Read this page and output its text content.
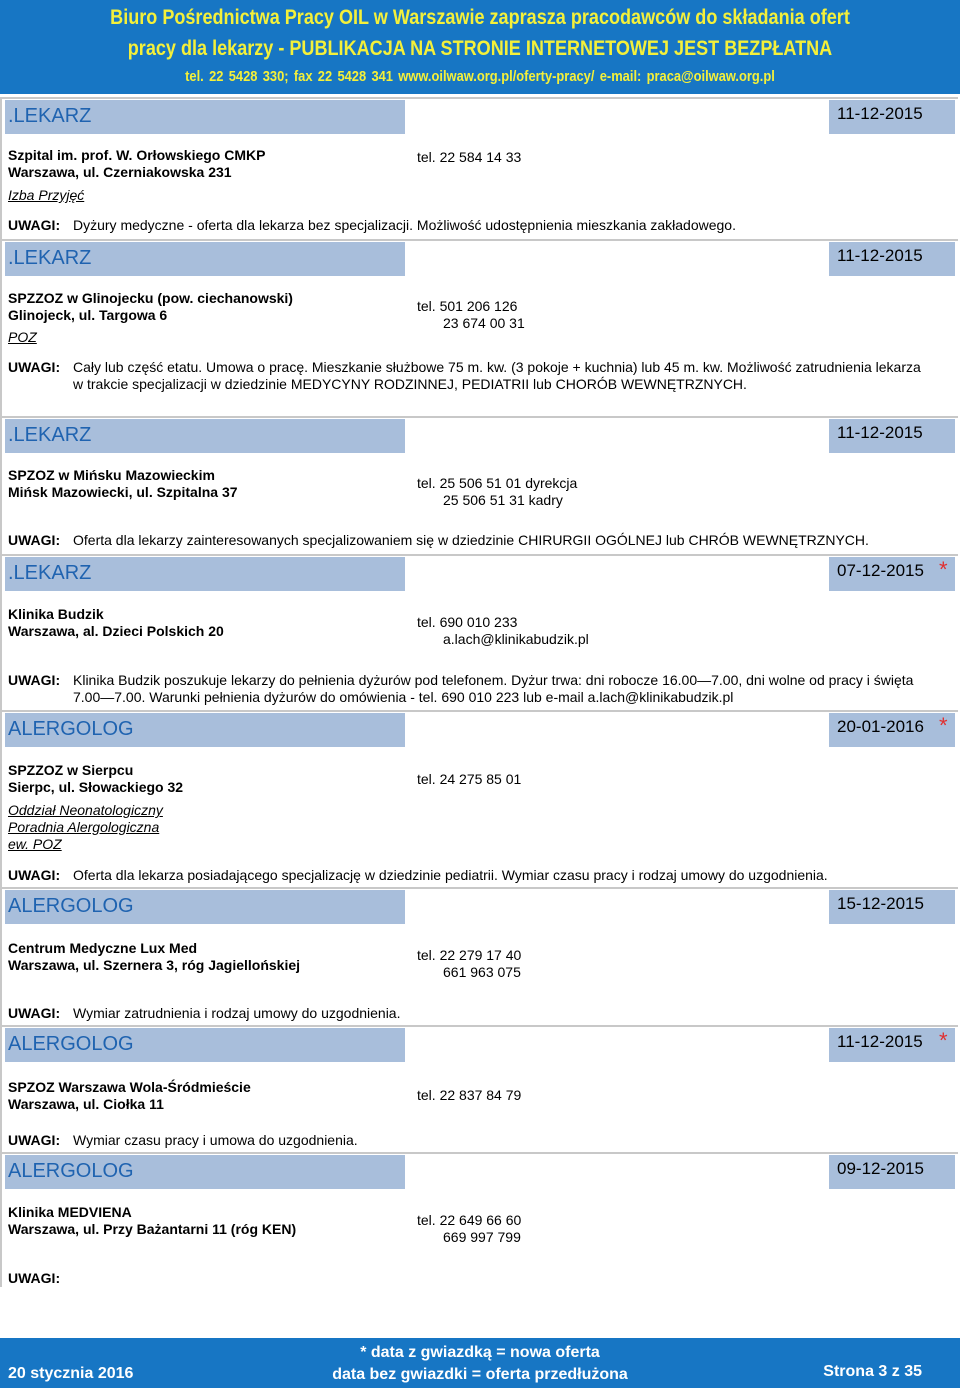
Biuro Pośrednictwa Pracy OIL w Warszawie zaprasza pracodawców do składania ofert
pracy dla lekarzy - PUBLIKACJA NA STRONIE INTERNETOWEJ JEST BEZPŁATNA
tel. 22 5428 330; fax 22 5428 341 www.oilwaw.org.pl/oferty-pracy/ e-mail: praca@oilwaw.org.pl
.LEKARZ	11-12-2015
Szpital im. prof. W. Orłowskiego CMKP
Warszawa, ul. Czerniakowska 231
Izba Przyjęć
tel. 22 584 14 33
UWAGI: Dyżury medyczne - oferta dla lekarza bez specjalizacji. Możliwość udostępnienia mieszkania zakładowego.
.LEKARZ	11-12-2015
SPZZOZ w Glinojecku (pow. ciechanowski)
Glinojeck, ul. Targowa 6
POZ
tel. 501 206 126
23 674 00 31
UWAGI: Cały lub część etatu. Umowa o pracę. Mieszkanie służbowe 75 m. kw. (3 pokoje + kuchnia) lub 45 m. kw. Możliwość zatrudnienia lekarza w trakcie specjalizacji w dziedzinie MEDYCYNY RODZINNEJ, PEDIATRII lub CHORÓB WEWNĘTRZNYCH.
.LEKARZ	11-12-2015
SPZOZ w Mińsku Mazowieckim
Mińsk Mazowiecki, ul. Szpitalna 37
tel. 25 506 51 01 dyrekcja
25 506 51 31 kadry
UWAGI: Oferta dla lekarzy zainteresowanych specjalizowaniem się w dziedzinie CHIRURGII OGÓLNEJ lub CHRÓB WEWNĘTRZNYCH.
.LEKARZ	07-12-2015 *
Klinika Budzik
Warszawa, al. Dzieci Polskich 20
tel. 690 010 233
a.lach@klinikabudzik.pl
UWAGI: Klinika Budzik poszukuje lekarzy do pełnienia dyżurów pod telefonem. Dyżur trwa: dni robocze 16.00—7.00, dni wolne od pracy i święta 7.00—7.00. Warunki pełnienia dyżurów do omówienia - tel. 690 010 223 lub e-mail a.lach@klinikabudzik.pl
ALERGOLOG	20-01-2016 *
SPZZOZ w Sierpcu
Sierpc, ul. Słowackiego 32
Oddział Neonatologiczny
Poradnia Alergologiczna
ew. POZ
tel. 24 275 85 01
UWAGI: Oferta dla lekarza posiadającego specjalizację w dziedzinie pediatrii. Wymiar czasu pracy i rodzaj umowy do uzgodnienia.
ALERGOLOG	15-12-2015
Centrum Medyczne Lux Med
Warszawa, ul. Szernera 3, róg Jagiellońskiej
tel. 22 279 17 40
661 963 075
UWAGI: Wymiar zatrudnienia i rodzaj umowy do uzgodnienia.
ALERGOLOG	11-12-2015 *
SPZOZ Warszawa Wola-Śródmieście
Warszawa, ul. Ciołka 11
tel. 22 837 84 79
UWAGI: Wymiar czasu pracy i umowa do uzgodnienia.
ALERGOLOG	09-12-2015
Klinika MEDVIENA
Warszawa, ul. Przy Bażantarni 11 (róg KEN)
tel. 22 649 66 60
669 997 799
UWAGI:
20 stycznia 2016
* data z gwiazdką = nowa oferta
data bez gwiazdki = oferta przedłużona	Strona 3 z 35
